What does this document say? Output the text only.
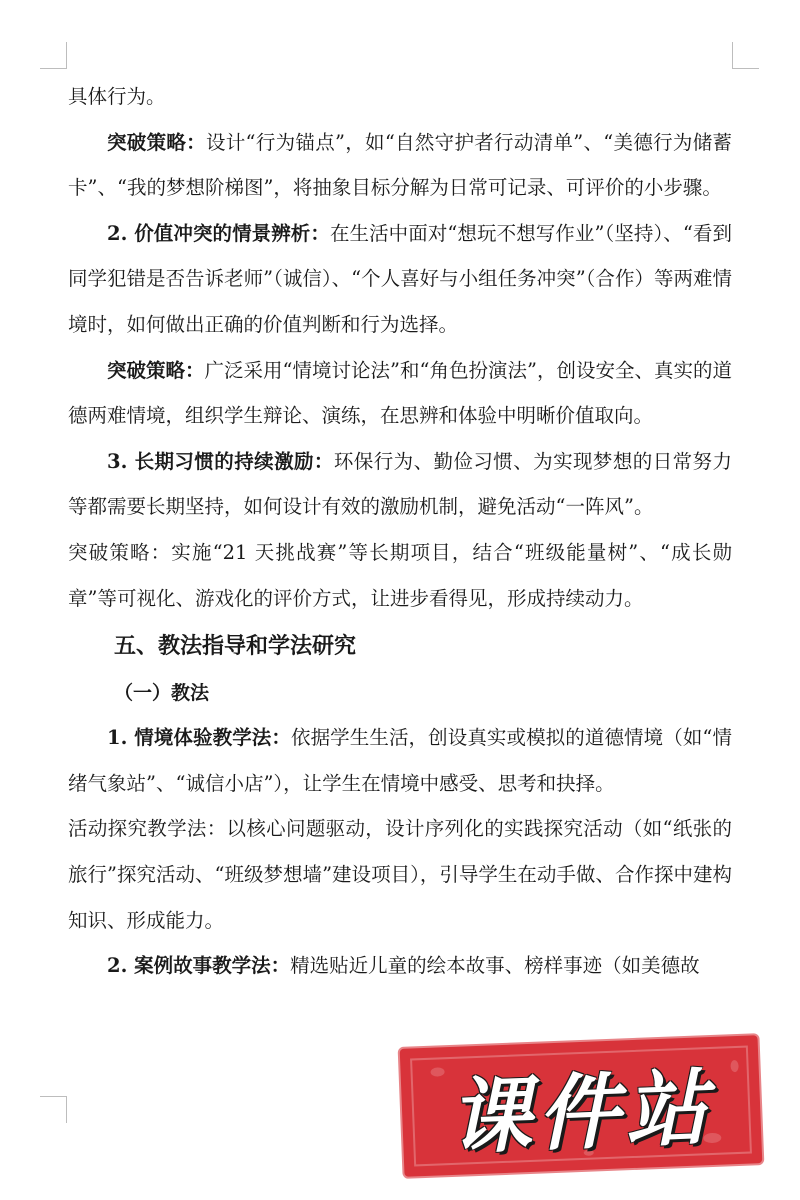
具体行为。

突破策略：设计“行为锚点”，如“自然守护者行动清单”、“美德行为储蓄卡”、“我的梦想阶梯图”，将抽象目标分解为日常可记录、可评价的小步骤。

2. 价值冲突的情景辨析：在生活中面对“想玩不想写作业”（坚持）、“看到同学犯错是否告诉老师”（诚信）、“个人喜好与小组任务冲突”（合作）等两难情境时，如何做出正确的价值判断和行为选择。

突破策略：广泛采用“情境讨论法”和“角色扮演法”，创设安全、真实的道德两难情境，组织学生辩论、演练，在思辨和体验中明晰价值取向。

3. 长期习惯的持续激励：环保行为、勤俭习惯、为实现梦想的日常努力等都需要长期坚持，如何设计有效的激励机制，避免活动“一阵风”。

突破策略：实施“21 天挑战赛”等长期项目，结合“班级能量树”、“成长勋章”等可视化、游戏化的评价方式，让进步看得见，形成持续动力。

五、教法指导和学法研究
（一）教法

1. 情境体验教学法：依据学生生活，创设真实或模拟的道德情境（如“情绪气象站”、“诚信小店”），让学生在情境中感受、思考和抉择。

活动探究教学法：以核心问题驱动，设计序列化的实践探究活动（如“纸张的旅行”探究活动、“班级梦想墙”建设项目），引导学生在动手做、合作探中建构知识、形成能力。

2. 案例故事教学法：精选贴近儿童的绘本故事、榜样事迹（如美德故

课件站
